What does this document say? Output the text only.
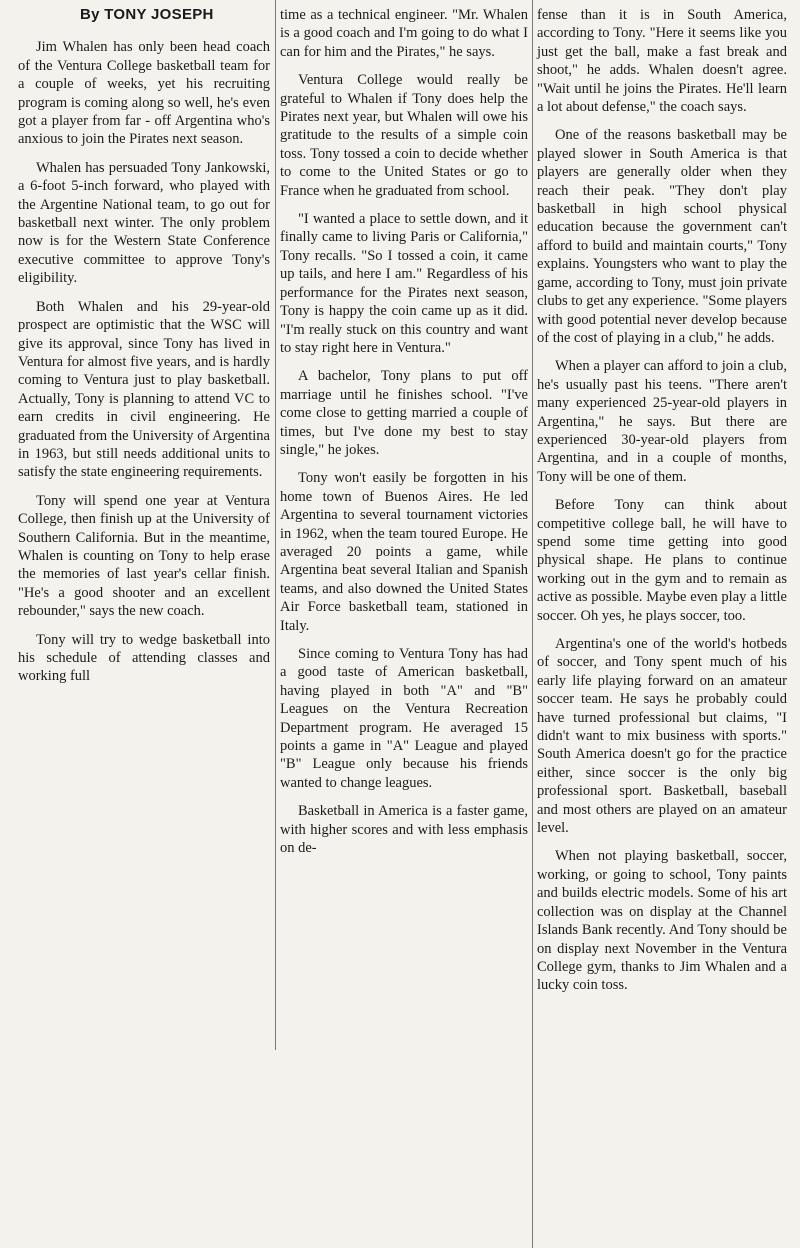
By TONY JOSEPH

Jim Whalen has only been head coach of the Ventura College basketball team for a couple of weeks, yet his recruiting program is coming along so well, he's even got a player from far - off Argentina who's anxious to join the Pirates next season.

Whalen has persuaded Tony Jankowski, a 6-foot 5-inch forward, who played with the Argentine National team, to go out for basketball next winter. The only problem now is for the Western State Conference executive committee to approve Tony's eligibility.

Both Whalen and his 29-year-old prospect are optimistic that the WSC will give its approval, since Tony has lived in Ventura for almost five years, and is hardly coming to Ventura just to play basketball. Actually, Tony is planning to attend VC to earn credits in civil engineering. He graduated from the University of Argentina in 1963, but still needs additional units to satisfy the state engineering requirements.

Tony will spend one year at Ventura College, then finish up at the University of Southern California. But in the meantime, Whalen is counting on Tony to help erase the memories of last year's cellar finish. "He's a good shooter and an excellent rebounder," says the new coach.

Tony will try to wedge basketball into his schedule of attending classes and working full

time as a technical engineer. "Mr. Whalen is a good coach and I'm going to do what I can for him and the Pirates," he says.

Ventura College would really be grateful to Whalen if Tony does help the Pirates next year, but Whalen will owe his gratitude to the results of a simple coin toss. Tony tossed a coin to decide whether to come to the United States or go to France when he graduated from school.

"I wanted a place to settle down, and it finally came to living Paris or California," Tony recalls. "So I tossed a coin, it came up tails, and here I am." Regardless of his performance for the Pirates next season, Tony is happy the coin came up as it did. "I'm really stuck on this country and want to stay right here in Ventura."

A bachelor, Tony plans to put off marriage until he finishes school. "I've come close to getting married a couple of times, but I've done my best to stay single," he jokes.

Tony won't easily be forgotten in his home town of Buenos Aires. He led Argentina to several tournament victories in 1962, when the team toured Europe. He averaged 20 points a game, while Argentina beat several Italian and Spanish teams, and also downed the United States Air Force basketball team, stationed in Italy.

Since coming to Ventura Tony has had a good taste of American basketball, having played in both "A" and "B" Leagues on the Ventura Recreation Department program. He averaged 15 points a game in "A" League and played "B" League only because his friends wanted to change leagues.

Basketball in America is a faster game, with higher scores and with less emphasis on de-

fense than it is in South America, according to Tony. "Here it seems like you just get the ball, make a fast break and shoot," he adds. Whalen doesn't agree. "Wait until he joins the Pirates. He'll learn a lot about defense," the coach says.

One of the reasons basketball may be played slower in South America is that players are generally older when they reach their peak. "They don't play basketball in high school physical education because the government can't afford to build and maintain courts," Tony explains. Youngsters who want to play the game, according to Tony, must join private clubs to get any experience. "Some players with good potential never develop because of the cost of playing in a club," he adds.

When a player can afford to join a club, he's usually past his teens. "There aren't many experienced 25-year-old players in Argentina," he says. But there are experienced 30-year-old players from Argentina, and in a couple of months, Tony will be one of them.

Before Tony can think about competitive college ball, he will have to spend some time getting into good physical shape. He plans to continue working out in the gym and to remain as active as possible. Maybe even play a little soccer. Oh yes, he plays soccer, too.

Argentina's one of the world's hotbeds of soccer, and Tony spent much of his early life playing forward on an amateur soccer team. He says he probably could have turned professional but claims, "I didn't want to mix business with sports." South America doesn't go for the practice either, since soccer is the only big professional sport. Basketball, baseball and most others are played on an amateur level.

When not playing basketball, soccer, working, or going to school, Tony paints and builds electric models. Some of his art collection was on display at the Channel Islands Bank recently. And Tony should be on display next November in the Ventura College gym, thanks to Jim Whalen and a lucky coin toss.
